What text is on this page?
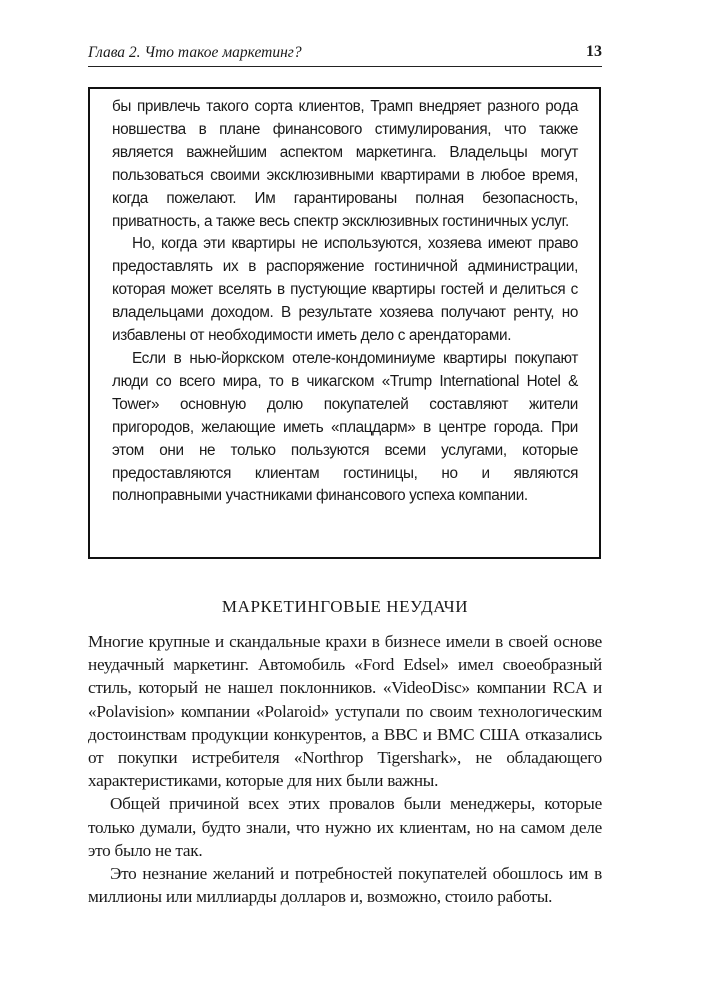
Глава 2. Что такое маркетинг?	13

бы привлечь такого сорта клиентов, Трамп внедряет разного рода новшества в плане финансового стимулирования, что также является важнейшим аспектом маркетинга. Владельцы могут пользоваться своими эксклюзивными квартирами в любое время, когда пожелают. Им гарантированы полная безопасность, приватность, а также весь спектр эксклюзивных гостиничных услуг.

Но, когда эти квартиры не используются, хозяева имеют право предоставлять их в распоряжение гостиничной администрации, которая может вселять в пустующие квартиры гостей и делиться с владельцами доходом. В результате хозяева получают ренту, но избавлены от необходимости иметь дело с арендаторами.

Если в нью-йоркском отеле-кондоминиуме квартиры покупают люди со всего мира, то в чикагском «Trump International Hotel & Tower» основную долю покупателей составляют жители пригородов, желающие иметь «плацдарм» в центре города. При этом они не только пользуются всеми услугами, которые предоставляются клиентам гостиницы, но и являются полноправными участниками финансового успеха компании.

МАРКЕТИНГОВЫЕ НЕУДАЧИ

Многие крупные и скандальные крахи в бизнесе имели в своей основе неудачный маркетинг. Автомобиль «Ford Edsel» имел своеобразный стиль, который не нашел поклонников. «VideoDisc» компании RCA и «Polavision» компании «Polaroid» уступали по своим технологическим достоинствам продукции конкурентов, а ВВС и ВМС США отказались от покупки истребителя «Northrop Tigershark», не обладающего характеристиками, которые для них были важны.

Общей причиной всех этих провалов были менеджеры, которые только думали, будто знали, что нужно их клиентам, но на самом деле это было не так.

Это незнание желаний и потребностей покупателей обошлось им в миллионы или миллиарды долларов и, возможно, стоило работы.
